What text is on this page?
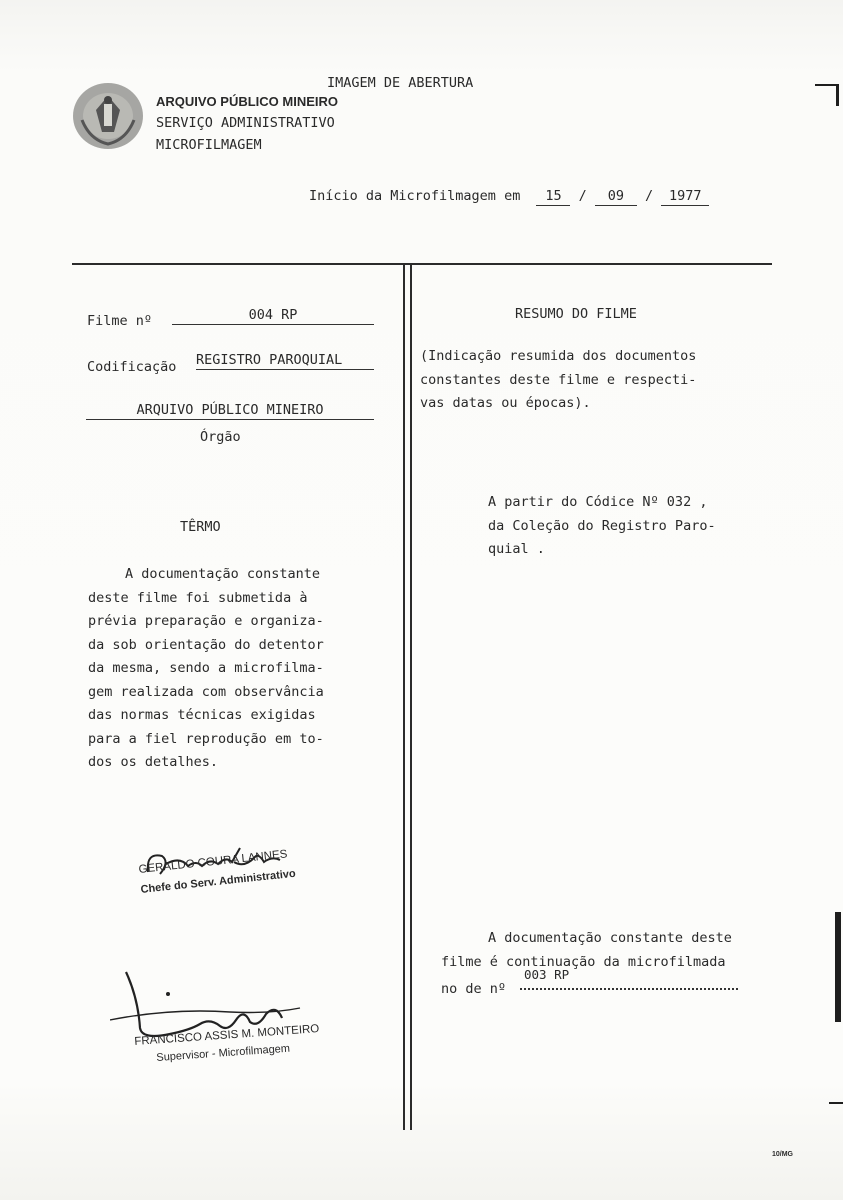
IMAGEM DE ABERTURA
ARQUIVO PÚBLICO MINEIRO
SERVIÇO ADMINISTRATIVO
MICROFILMAGEM
Início da Microfilmagem em 15 / 09 / 1977
Filme nº	004 RP
Codificação REGISTRO PAROQUIAL
ARQUIVO PÚBLICO MINEIRO
Órgão
TÊRMO
A documentação constante
deste filme foi submetida à
prévia preparação e organiza-
da sob orientação do detentor
da mesma, sendo a microfilma-
gem realizada com observância
das normas técnicas exigidas
para a fiel reprodução em to-
dos os detalhes.
GERALDO COURA LANNES
Chefe do Serv. Administrativo
FRANCISCO ASSIS M. MONTEIRO
Supervisor - Microfilmagem
RESUMO DO FILME
(Indicação resumida dos documentos
constantes deste filme e respecti-
vas datas ou épocas).
A partir do Códice Nº 032 ,
da Coleção do Registro Paro-
quial .
A documentação constante deste
filme é continuação da microfilmada
003 RP
no de nº
10/MG
